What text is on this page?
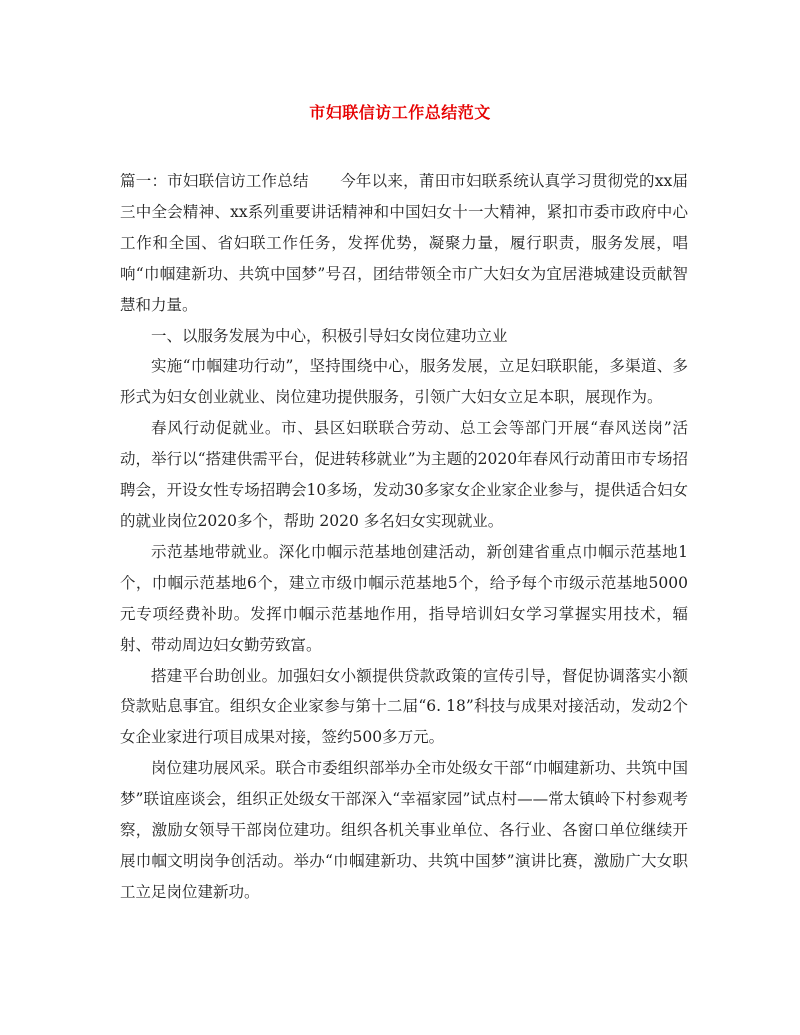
市妇联信访工作总结范文

篇一：市妇联信访工作总结　　今年以来，莆田市妇联系统认真学习贯彻党的xx届三中全会精神、xx系列重要讲话精神和中国妇女十一大精神，紧扣市委市政府中心工作和全国、省妇联工作任务，发挥优势，凝聚力量，履行职责，服务发展，唱响“巾帼建新功、共筑中国梦”号召，团结带领全市广大妇女为宜居港城建设贡献智慧和力量。

一、以服务发展为中心，积极引导妇女岗位建功立业

实施“巾帼建功行动”，坚持围绕中心，服务发展，立足妇联职能，多渠道、多形式为妇女创业就业、岗位建功提供服务，引领广大妇女立足本职，展现作为。

春风行动促就业。市、县区妇联联合劳动、总工会等部门开展“春风送岗”活动，举行以“搭建供需平台，促进转移就业”为主题的2020年春风行动莆田市专场招聘会，开设女性专场招聘会10多场，发动30多家女企业家企业参与，提供适合妇女的就业岗位2020多个，帮助 2020 多名妇女实现就业。

示范基地带就业。深化巾帼示范基地创建活动，新创建省重点巾帼示范基地1个，巾帼示范基地6个，建立市级巾帼示范基地5个，给予每个市级示范基地5000元专项经费补助。发挥巾帼示范基地作用，指导培训妇女学习掌握实用技术，辐射、带动周边妇女勤劳致富。

搭建平台助创业。加强妇女小额提供贷款政策的宣传引导，督促协调落实小额贷款贴息事宜。组织女企业家参与第十二届“6. 18”科技与成果对接活动，发动2个女企业家进行项目成果对接，签约500多万元。

岗位建功展风采。联合市委组织部举办全市处级女干部“巾帼建新功、共筑中国梦”联谊座谈会，组织正处级女干部深入“幸福家园”试点村——常太镇岭下村参观考察，激励女领导干部岗位建功。组织各机关事业单位、各行业、各窗口单位继续开展巾帼文明岗争创活动。举办“巾帼建新功、共筑中国梦”演讲比赛，激励广大女职工立足岗位建新功。
